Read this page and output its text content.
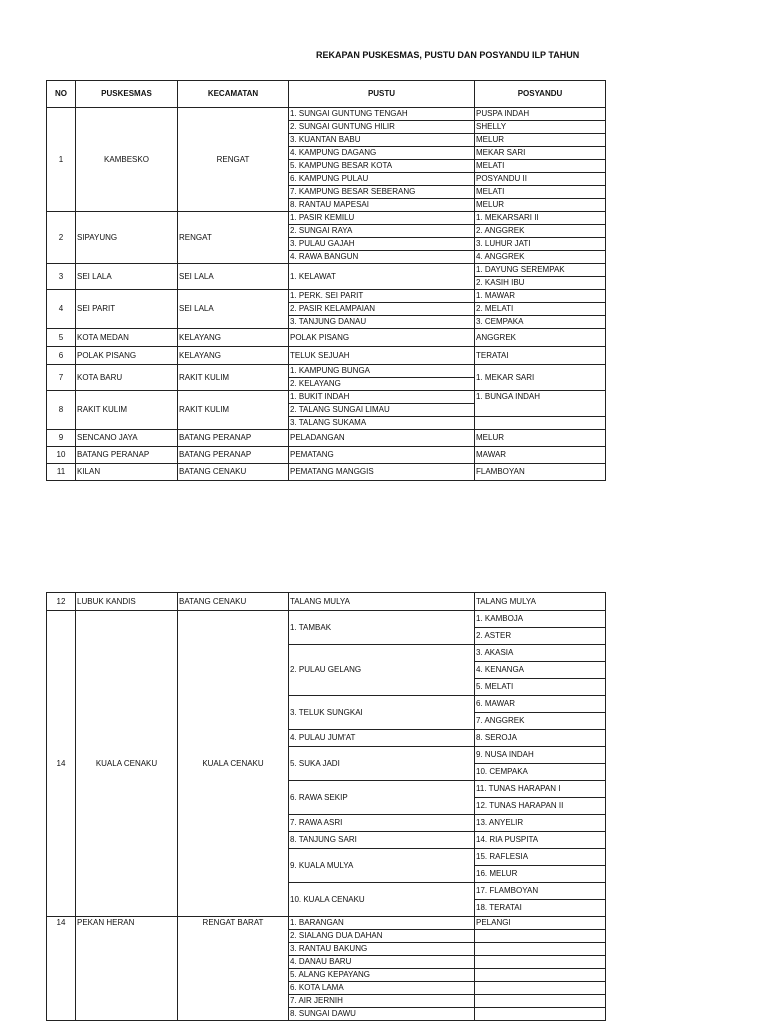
REKAPAN PUSKESMAS, PUSTU DAN POSYANDU ILP TAHUN
NO	PUSKESMAS	KECAMATAN	PUSTU	POSYANDU
1	KAMBESKO	RENGAT	1. SUNGAI GUNTUNG TENGAH	PUSPA INDAH
			2. SUNGAI GUNTUNG HILIR	SHELLY
			3. KUANTAN BABU	MELUR
			4. KAMPUNG DAGANG	MEKAR SARI
			5. KAMPUNG BESAR KOTA	MELATI
			6. KAMPUNG PULAU	POSYANDU II
			7. KAMPUNG BESAR SEBERANG	MELATI
			8. RANTAU MAPESAI	MELUR
2	SIPAYUNG	RENGAT	1. PASIR KEMILU	1. MEKARSARI II
			2. SUNGAI RAYA	2. ANGGREK
			3. PULAU GAJAH	3. LUHUR JATI
			4. RAWA BANGUN	4. ANGGREK
3	SEI LALA	SEI LALA	1. KELAWAT	1. DAYUNG SEREMPAK
				2. KASIH IBU
4	SEI PARIT	SEI LALA	1. PERK. SEI PARIT	1. MAWAR
			2. PASIR KELAMPAIAN	2. MELATI
			3. TANJUNG DANAU	3. CEMPAKA
5	KOTA MEDAN	KELAYANG	POLAK PISANG	ANGGREK
6	POLAK PISANG	KELAYANG	TELUK SEJUAH	TERATAI
7	KOTA BARU	RAKIT KULIM	1. KAMPUNG BUNGA	1. MEKAR SARI
			2. KELAYANG	
8	RAKIT KULIM	RAKIT KULIM	1. BUKIT INDAH	1. BUNGA INDAH
			2. TALANG SUNGAI LIMAU	
			3. TALANG SUKAMA	
9	SENCANO JAYA	BATANG PERANAP	PELADANGAN	MELUR
10	BATANG PERANAP	BATANG PERANAP	PEMATANG	MAWAR
11	KILAN	BATANG CENAKU	PEMATANG MANGGIS	FLAMBOYAN
12	LUBUK KANDIS	BATANG CENAKU	TALANG MULYA	TALANG MULYA
14	KUALA CENAKU	KUALA CENAKU	1. TAMBAK	1. KAMBOJA
				2. ASTER
			2. PULAU GELANG	3. AKASIA
				4. KENANGA
				5. MELATI
			3. TELUK SUNGKAI	6. MAWAR
				7. ANGGREK
			4. PULAU JUM'AT	8. SEROJA
			5. SUKA JADI	9. NUSA INDAH
				10. CEMPAKA
			6. RAWA SEKIP	11. TUNAS HARAPAN I
				12. TUNAS HARAPAN II
			7. RAWA ASRI	13. ANYELIR
			8. TANJUNG SARI	14. RIA PUSPITA
			9. KUALA MULYA	15. RAFLESIA
				16. MELUR
			10. KUALA CENAKU	17. FLAMBOYAN
				18. TERATAI
14	PEKAN HERAN	RENGAT BARAT	1. BARANGAN	PELANGI
			2. SIALANG DUA DAHAN	
			3. RANTAU BAKUNG	
			4. DANAU BARU	
			5. ALANG KEPAYANG	
			6. KOTA LAMA	
			7. AIR JERNIH	
			8. SUNGAI DAWU	
